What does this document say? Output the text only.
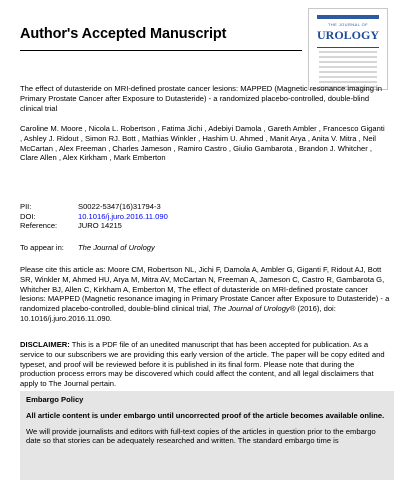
Author's Accepted Manuscript
THE JOURNAL OF
UROLOGY
The effect of dutasteride on MRI-defined prostate cancer lesions: MAPPED (Magnetic resonance imaging in Primary Prostate Cancer after Exposure to Dutasteride) - a randomized placebo-controlled, double-blind clinical trial
Caroline M. Moore , Nicola L. Robertson , Fatima Jichi , Adebiyi Damola , Gareth Ambler , Francesco Giganti , Ashley J. Ridout , Simon RJ. Bott , Mathias Winkler , Hashim U. Ahmed , Manit Arya , Anita V. Mitra , Neil McCartan , Alex Freeman , Charles Jameson , Ramiro Castro , Giulio Gambarota , Brandon J. Whitcher , Clare Allen , Alex Kirkham , Mark Emberton
PII:	S0022-5347(16)31794-3
DOI:	10.1016/j.juro.2016.11.090
Reference:	JURO 14215
To appear in:	The Journal of Urology
Please cite this article as: Moore CM, Robertson NL, Jichi F, Damola A, Ambler G, Giganti F, Ridout AJ, Bott SR, Winkler M, Ahmed HU, Arya M, Mitra AV, McCartan N, Freeman A, Jameson C, Castro R, Gambarota G, Whitcher BJ, Allen C, Kirkham A, Emberton M, The effect of dutasteride on MRI-defined prostate cancer lesions: MAPPED (Magnetic resonance imaging in Primary Prostate Cancer after Exposure to Dutasteride) - a randomized placebo-controlled, double-blind clinical trial, The Journal of Urology® (2016), doi: 10.1016/j.juro.2016.11.090.
DISCLAIMER: This is a PDF file of an unedited manuscript that has been accepted for publication. As a service to our subscribers we are providing this early version of the article. The paper will be copy edited and typeset, and proof will be reviewed before it is published in its final form. Please note that during the production process errors may be discovered which could affect the content, and all legal disclaimers that apply to The Journal pertain.
Embargo Policy
All article content is under embargo until uncorrected proof of the article becomes available online.
We will provide journalists and editors with full-text copies of the articles in question prior to the embargo date so that stories can be adequately researched and written. The standard embargo time is
